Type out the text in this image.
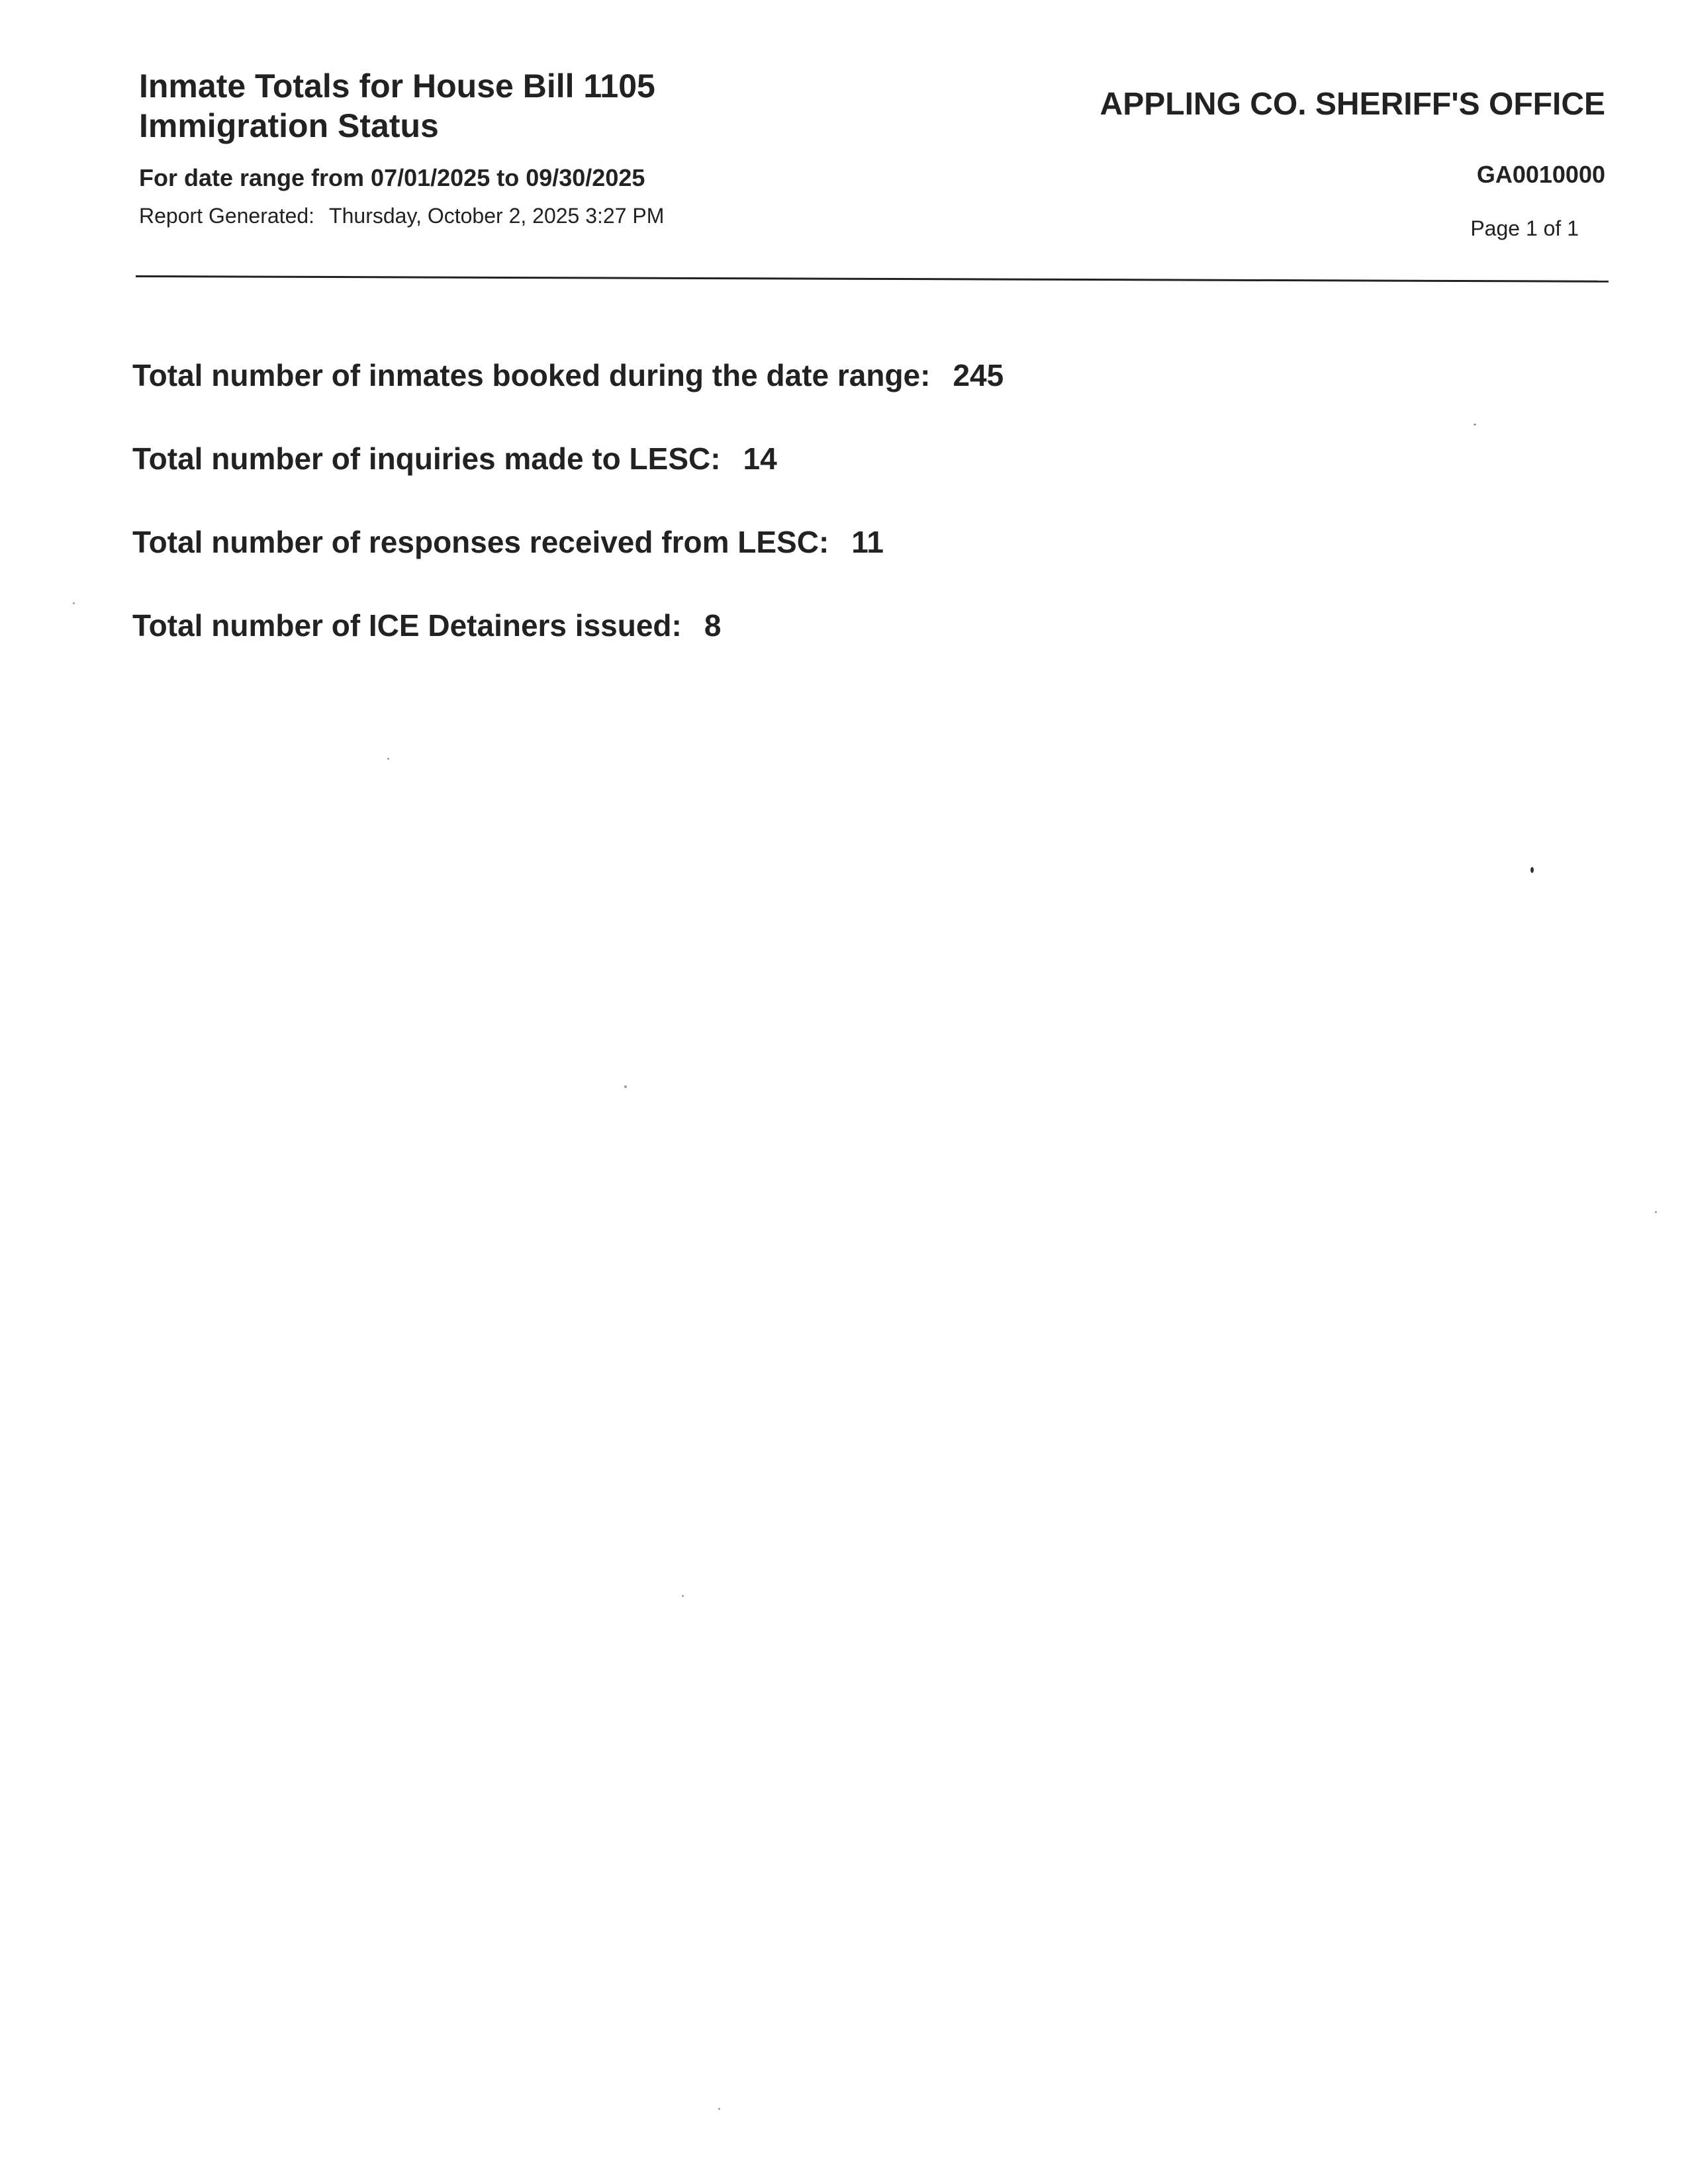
Inmate Totals for House Bill 1105
Immigration Status
For date range from 07/01/2025 to 09/30/2025
Report Generated: Thursday, October 2, 2025 3:27 PM
APPLING CO. SHERIFF'S OFFICE
GA0010000
Page 1 of 1
Total number of inmates booked during the date range: 245
Total number of inquiries made to LESC: 14
Total number of responses received from LESC: 11
Total number of ICE Detainers issued: 8
